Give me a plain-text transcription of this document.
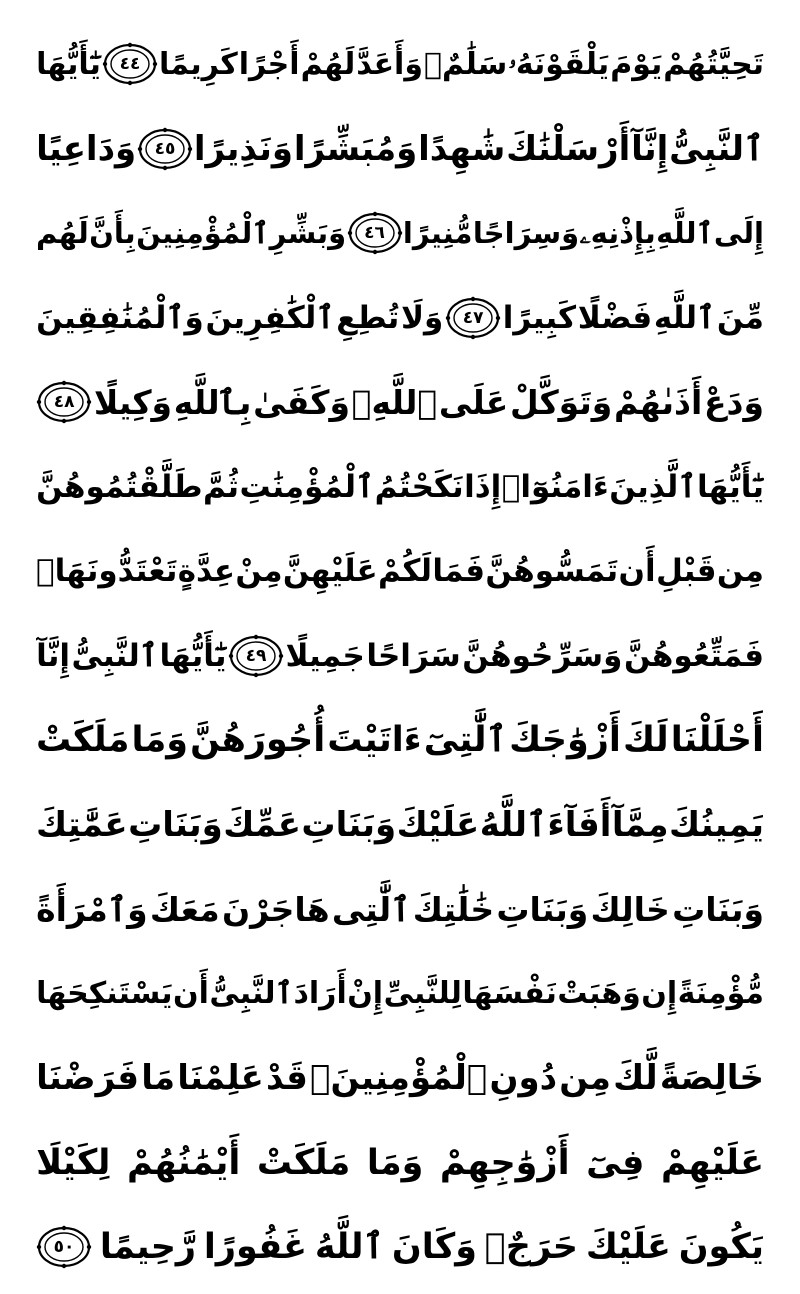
تَحِيَّتُهُمْ
يَوْمَ
يَلْقَوْنَهُۥ
سَلَٰمٌۚ
وَأَعَدَّ
لَهُمْ
أَجْرًا
كَرِيمًا
٤٤
يَٰٓأَيُّهَا
ٱلنَّبِىُّ
إِنَّآ
أَرْسَلْنَٰكَ
شَٰهِدًا
وَمُبَشِّرًا
وَنَذِيرًا
٤٥
وَدَاعِيًا
إِلَى
ٱللَّهِ
بِإِذْنِهِۦ
وَسِرَاجًا
مُّنِيرًا
٤٦
وَبَشِّرِ
ٱلْمُؤْمِنِينَ
بِأَنَّ
لَهُم
مِّنَ
ٱللَّهِ
فَضْلًا
كَبِيرًا
٤٧
وَلَا
تُطِعِ
ٱلْكَٰفِرِينَ
وَٱلْمُنَٰفِقِينَ
وَدَعْ
أَذَىٰهُمْ
وَتَوَكَّلْ
عَلَى
ٱللَّهِۚ
وَكَفَىٰ
بِٱللَّهِ
وَكِيلًا
٤٨
يَٰٓأَيُّهَا
ٱلَّذِينَ
ءَامَنُوٓا۟
إِذَا
نَكَحْتُمُ
ٱلْمُؤْمِنَٰتِ
ثُمَّ
طَلَّقْتُمُوهُنَّ
مِن
قَبْلِ
أَن
تَمَسُّوهُنَّ
فَمَا
لَكُمْ
عَلَيْهِنَّ
مِنْ
عِدَّةٍ
تَعْتَدُّونَهَاۖ
فَمَتِّعُوهُنَّ
وَسَرِّحُوهُنَّ
سَرَاحًا
جَمِيلًا
٤٩
يَٰٓأَيُّهَا
ٱلنَّبِىُّ
إِنَّآ
أَحْلَلْنَا
لَكَ
أَزْوَٰجَكَ
ٱلَّٰتِىٓ
ءَاتَيْتَ
أُجُورَهُنَّ
وَمَا
مَلَكَتْ
يَمِينُكَ
مِمَّآ
أَفَآءَ
ٱللَّهُ
عَلَيْكَ
وَبَنَاتِ
عَمِّكَ
وَبَنَاتِ
عَمَّٰتِكَ
وَبَنَاتِ
خَالِكَ
وَبَنَاتِ
خَٰلَٰتِكَ
ٱلَّٰتِى
هَاجَرْنَ
مَعَكَ
وَٱمْرَأَةً
مُّؤْمِنَةً
إِن
وَهَبَتْ
نَفْسَهَا
لِلنَّبِىِّ
إِنْ
أَرَادَ
ٱلنَّبِىُّ
أَن
يَسْتَنكِحَهَا
خَالِصَةً
لَّكَ
مِن
دُونِ
ٱلْمُؤْمِنِينَۗ
قَدْ
عَلِمْنَا
مَا
فَرَضْنَا
عَلَيْهِمْ
فِىٓ
أَزْوَٰجِهِمْ
وَمَا
مَلَكَتْ
أَيْمَٰنُهُمْ
لِكَيْلَا
يَكُونَ
عَلَيْكَ
حَرَجٌۗ
وَكَانَ
ٱللَّهُ
غَفُورًا
رَّحِيمًا
٥٠
